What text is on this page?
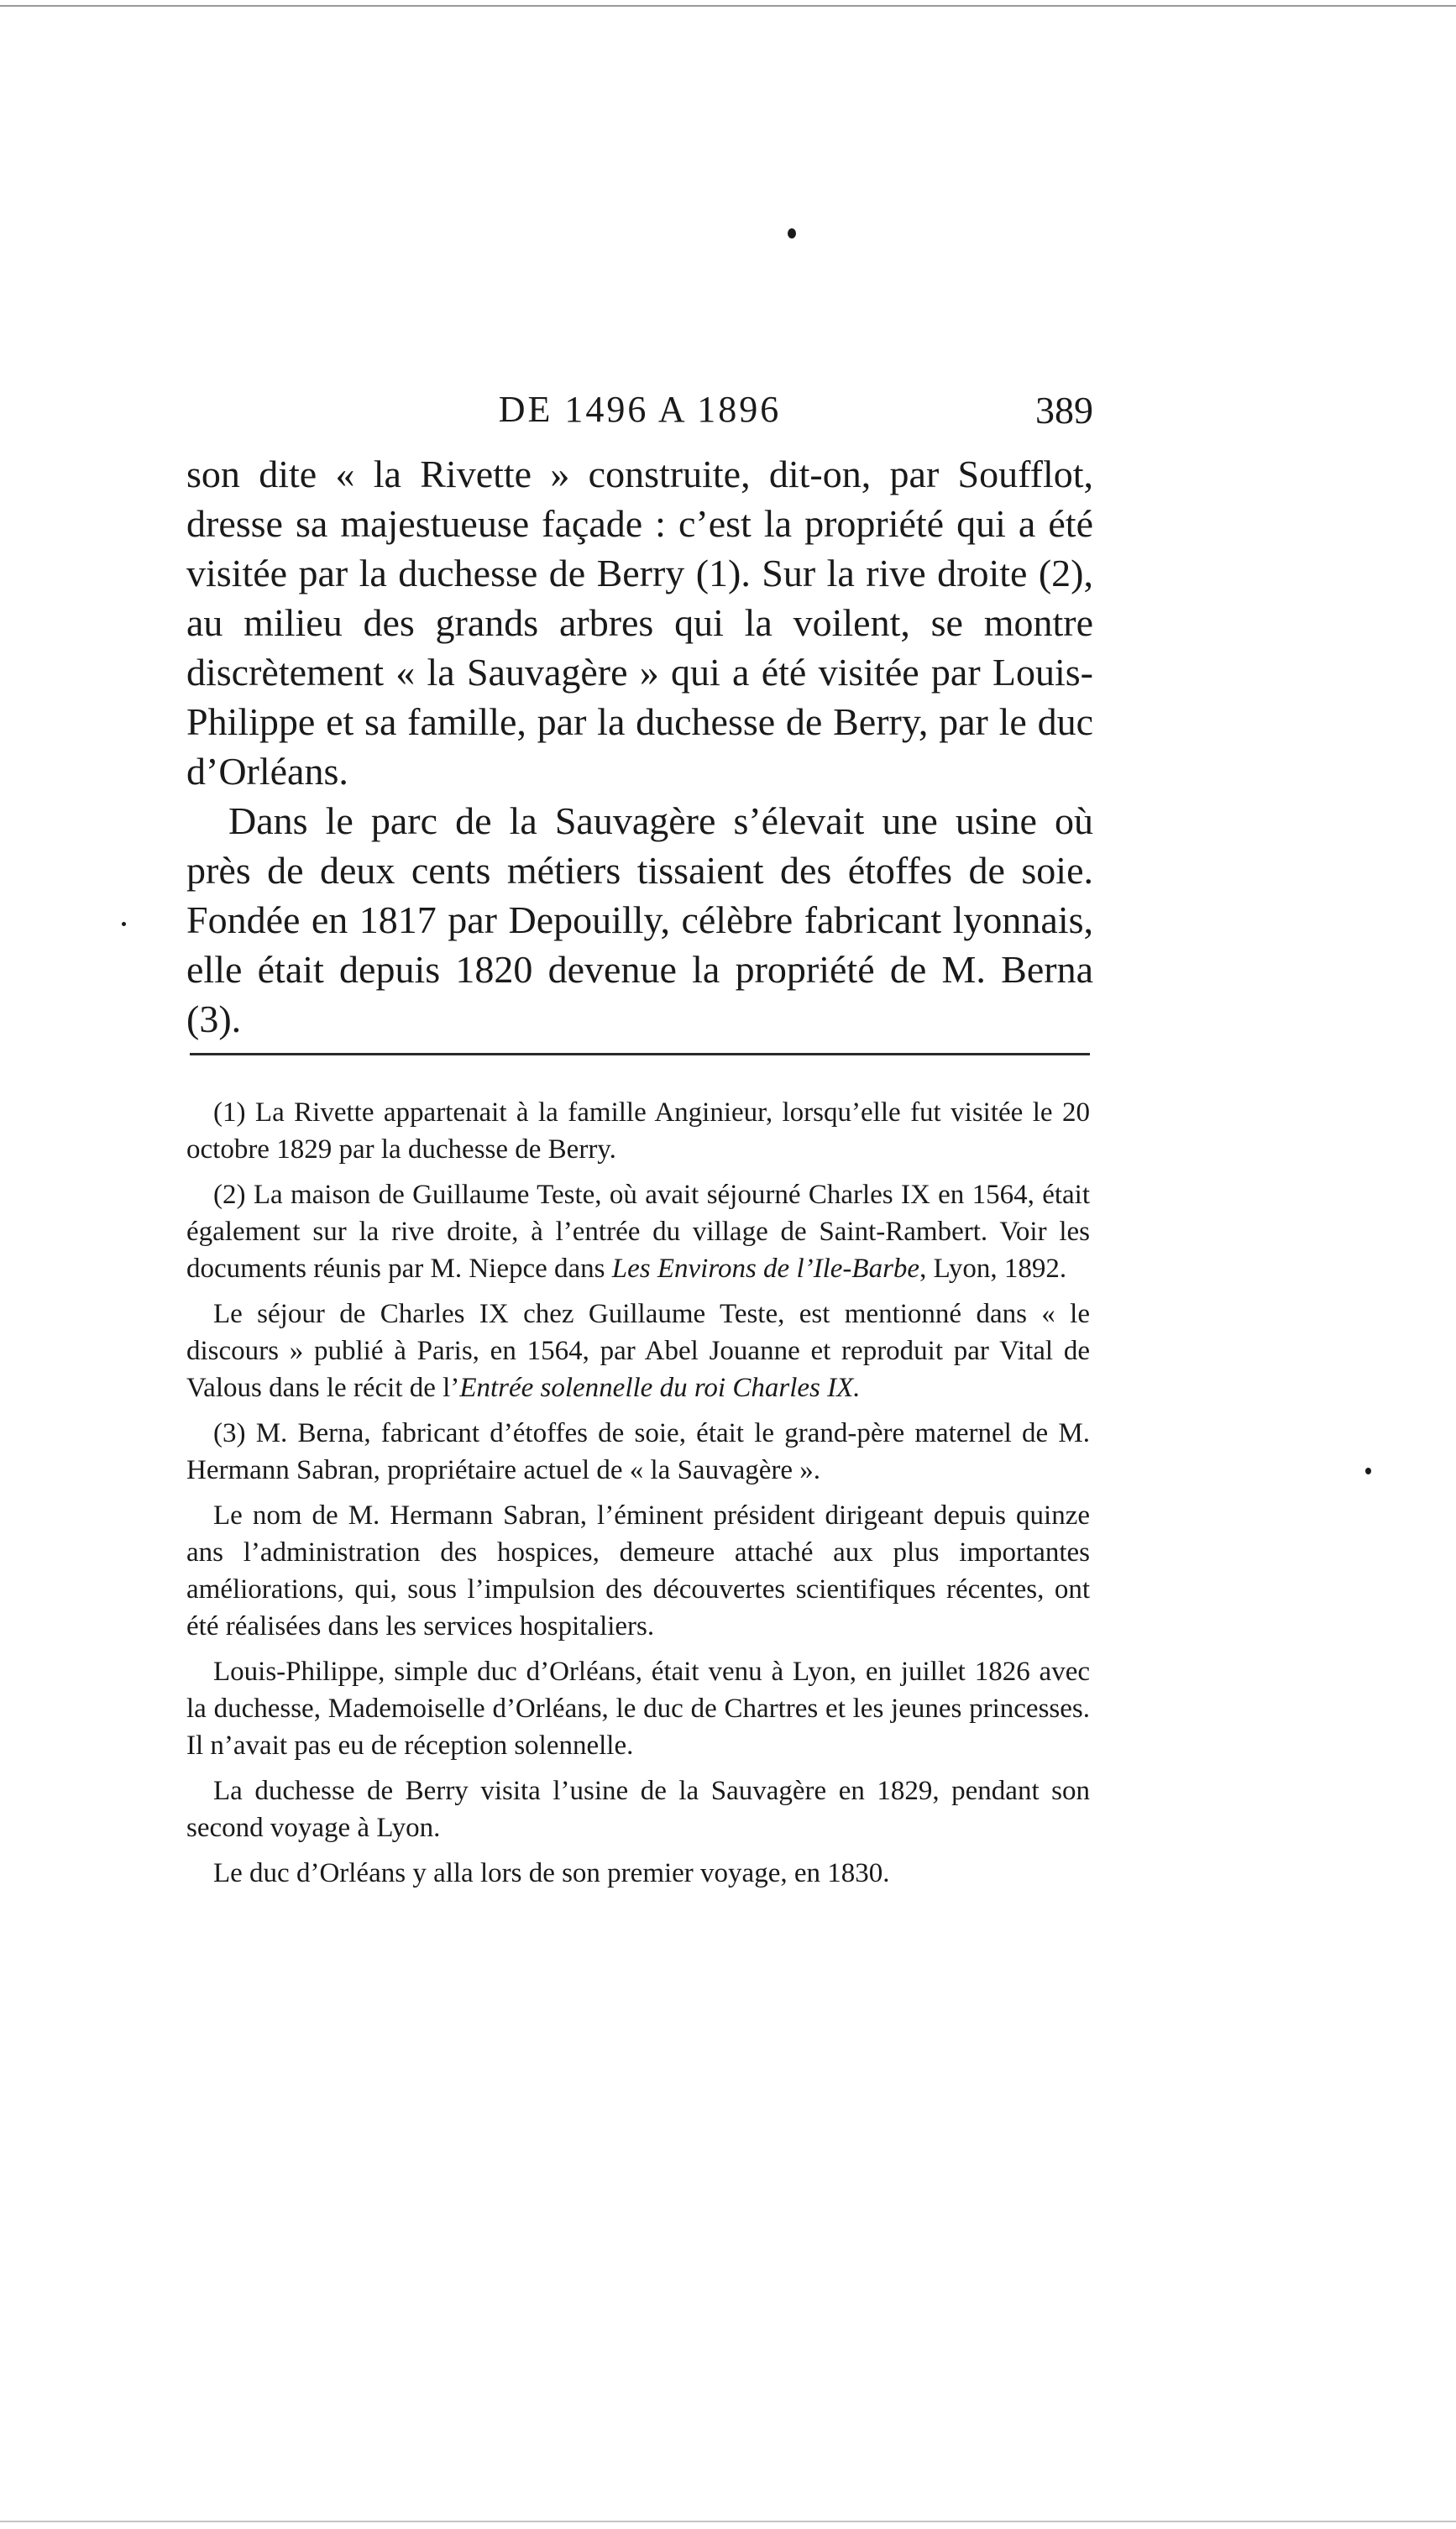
DE 1496 A 1896	389

son dite « la Rivette » construite, dit-on, par Soufflot, dresse sa majestueuse façade : c’est la propriété qui a été visitée par la duchesse de Berry (1). Sur la rive droite (2), au milieu des grands arbres qui la voilent, se montre discrètement « la Sauvagère » qui a été visitée par Louis-Philippe et sa famille, par la duchesse de Berry, par le duc d’Orléans.

Dans le parc de la Sauvagère s’élevait une usine où près de deux cents métiers tissaient des étoffes de soie. Fondée en 1817 par Depouilly, célèbre fabricant lyonnais, elle était depuis 1820 devenue la propriété de M. Berna (3).

(1) La Rivette appartenait à la famille Anginieur, lorsqu’elle fut visitée le 20 octobre 1829 par la duchesse de Berry.

(2) La maison de Guillaume Teste, où avait séjourné Charles IX en 1564, était également sur la rive droite, à l’entrée du village de Saint-Rambert. Voir les documents réunis par M. Niepce dans Les Environs de l’Ile-Barbe, Lyon, 1892.

Le séjour de Charles IX chez Guillaume Teste, est mentionné dans « le discours » publié à Paris, en 1564, par Abel Jouanne et reproduit par Vital de Valous dans le récit de l’Entrée solennelle du roi Charles IX.

(3) M. Berna, fabricant d’étoffes de soie, était le grand-père maternel de M. Hermann Sabran, propriétaire actuel de « la Sauvagère ».

Le nom de M. Hermann Sabran, l’éminent président dirigeant depuis quinze ans l’administration des hospices, demeure attaché aux plus importantes améliorations, qui, sous l’impulsion des découvertes scientifiques récentes, ont été réalisées dans les services hospitaliers.

Louis-Philippe, simple duc d’Orléans, était venu à Lyon, en juillet 1826 avec la duchesse, Mademoiselle d’Orléans, le duc de Chartres et les jeunes princesses. Il n’avait pas eu de réception solennelle.

La duchesse de Berry visita l’usine de la Sauvagère en 1829, pendant son second voyage à Lyon.

Le duc d’Orléans y alla lors de son premier voyage, en 1830.
